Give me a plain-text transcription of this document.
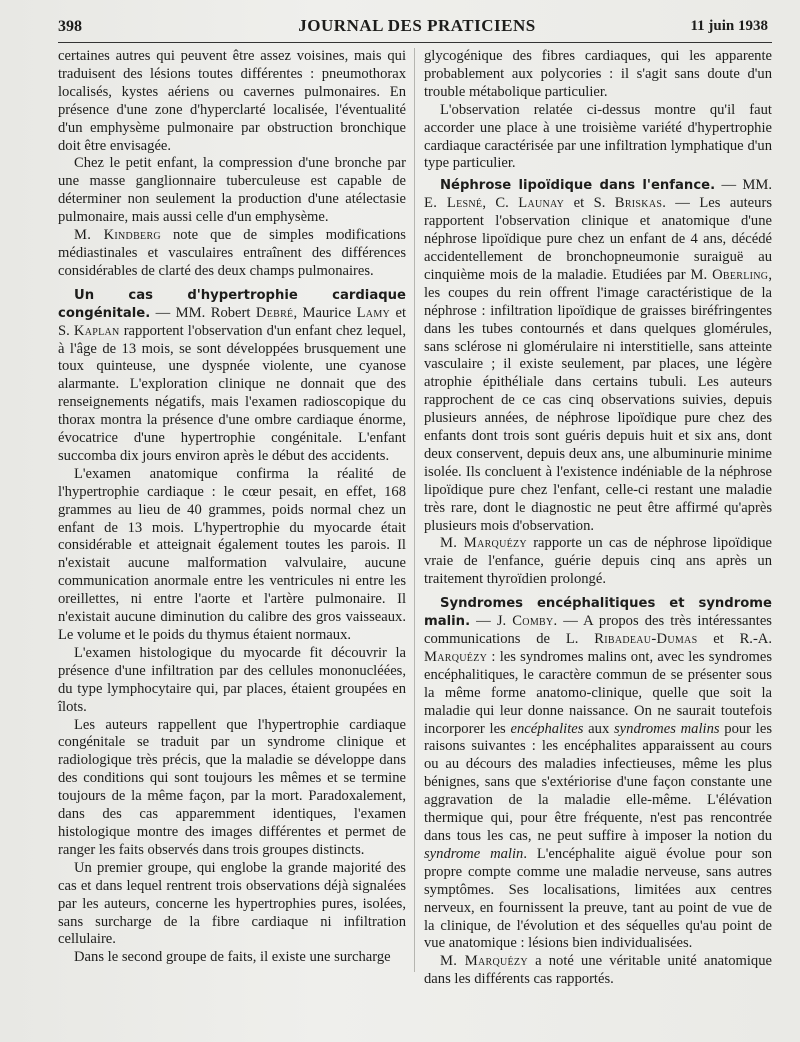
398	JOURNAL DES PRATICIENS	11 juin 1938

certaines autres qui peuvent être assez voisines, mais qui traduisent des lésions toutes différentes : pneumothorax localisés, kystes aériens ou cavernes pulmonaires. En présence d'une zone d'hyperclarté localisée, l'éventualité d'un emphysème pulmonaire par obstruction bronchique doit être envisagée.

Chez le petit enfant, la compression d'une bronche par une masse ganglionnaire tuberculeuse est capable de déterminer non seulement la production d'une atélectasie pulmonaire, mais aussi celle d'un emphysème.

M. Kindberg note que de simples modifications médiastinales et vasculaires entraînent des différences considérables de clarté des deux champs pulmonaires.

Un cas d'hypertrophie cardiaque congénitale. — MM. Robert Debré, Maurice Lamy et S. Kaplan rapportent l'observation d'un enfant chez lequel, à l'âge de 13 mois, se sont développées brusquement une toux quinteuse, une dyspnée violente, une cyanose alarmante. L'exploration clinique ne donnait que des renseignements négatifs, mais l'examen radioscopique du thorax montra la présence d'une ombre cardiaque énorme, évocatrice d'une hypertrophie congénitale. L'enfant succomba dix jours environ après le début des accidents.

L'examen anatomique confirma la réalité de l'hypertrophie cardiaque : le cœur pesait, en effet, 168 grammes au lieu de 40 grammes, poids normal chez un enfant de 13 mois. L'hypertrophie du myocarde était considérable et atteignait également toutes les parois. Il n'existait aucune malformation valvulaire, aucune communication anormale entre les ventricules ni entre les oreillettes, ni entre l'aorte et l'artère pulmonaire. Il n'existait aucune diminution du calibre des gros vaisseaux. Le volume et le poids du thymus étaient normaux.

L'examen histologique du myocarde fit découvrir la présence d'une infiltration par des cellules mononucléées, du type lymphocytaire qui, par places, étaient groupées en îlots.

Les auteurs rappellent que l'hypertrophie cardiaque congénitale se traduit par un syndrome clinique et radiologique très précis, que la maladie se développe dans des conditions qui sont toujours les mêmes et se termine toujours de la même façon, par la mort. Paradoxalement, dans des cas apparemment identiques, l'examen histologique montre des images différentes et permet de ranger les faits observés dans trois groupes distincts.

Un premier groupe, qui englobe la grande majorité des cas et dans lequel rentrent trois observations déjà signalées par les auteurs, concerne les hypertrophies pures, isolées, sans surcharge de la fibre cardiaque ni infiltration cellulaire.

Dans le second groupe de faits, il existe une surcharge

glycogénique des fibres cardiaques, qui les apparente probablement aux polycories : il s'agit sans doute d'un trouble métabolique particulier.

L'observation relatée ci-dessus montre qu'il faut accorder une place à une troisième variété d'hypertrophie cardiaque caractérisée par une infiltration lymphatique d'un type particulier.

Néphrose lipoïdique dans l'enfance. — MM. E. Lesné, C. Launay et S. Briskas. — Les auteurs rapportent l'observation clinique et anatomique d'une néphrose lipoïdique pure chez un enfant de 4 ans, décédé accidentellement de bronchopneumonie suraiguë au cinquième mois de la maladie. Etudiées par M. Oberling, les coupes du rein offrent l'image caractéristique de la néphrose : infiltration lipoïdique de graisses biréfringentes dans les tubes contournés et dans quelques glomérules, sans sclérose ni glomérulaire ni interstitielle, sans atteinte vasculaire ; il existe seulement, par places, une légère atrophie épithéliale dans certains tubuli. Les auteurs rapprochent de ce cas cinq observations suivies, depuis plusieurs années, de néphrose lipoïdique pure chez des enfants dont trois sont guéris depuis huit et six ans, dont deux conservent, depuis deux ans, une albuminurie minime isolée. Ils concluent à l'existence indéniable de la néphrose lipoïdique pure chez l'enfant, celle-ci restant une maladie très rare, dont le diagnostic ne peut être affirmé qu'après plusieurs mois d'observation.

M. Marquézy rapporte un cas de néphrose lipoïdique vraie de l'enfance, guérie depuis cinq ans après un traitement thyroïdien prolongé.

Syndromes encéphalitiques et syndrome malin. — J. Comby. — A propos des très intéressantes communications de L. Ribadeau-Dumas et R.-A. Marquézy : les syndromes malins ont, avec les syndromes encéphalitiques, le caractère commun de se présenter sous la même forme anatomo-clinique, quelle que soit la maladie qui leur donne naissance. On ne saurait toutefois incorporer les encéphalites aux syndromes malins pour les raisons suivantes : les encéphalites apparaissent au cours ou au décours des maladies infectieuses, même les plus bénignes, sans que s'extériorise d'une façon constante une aggravation de la maladie elle-même. L'élévation thermique qui, pour être fréquente, n'est pas rencontrée dans tous les cas, ne peut suffire à imposer la notion du syndrome malin. L'encéphalite aiguë évolue pour son propre compte comme une maladie nerveuse, sans autres symptômes. Ses localisations, limitées aux centres nerveux, en fournissent la preuve, tant au point de vue de la clinique, de l'évolution et des séquelles qu'au point de vue anatomique : lésions bien individualisées.

M. Marquézy a noté une véritable unité anatomique dans les différents cas rapportés.
